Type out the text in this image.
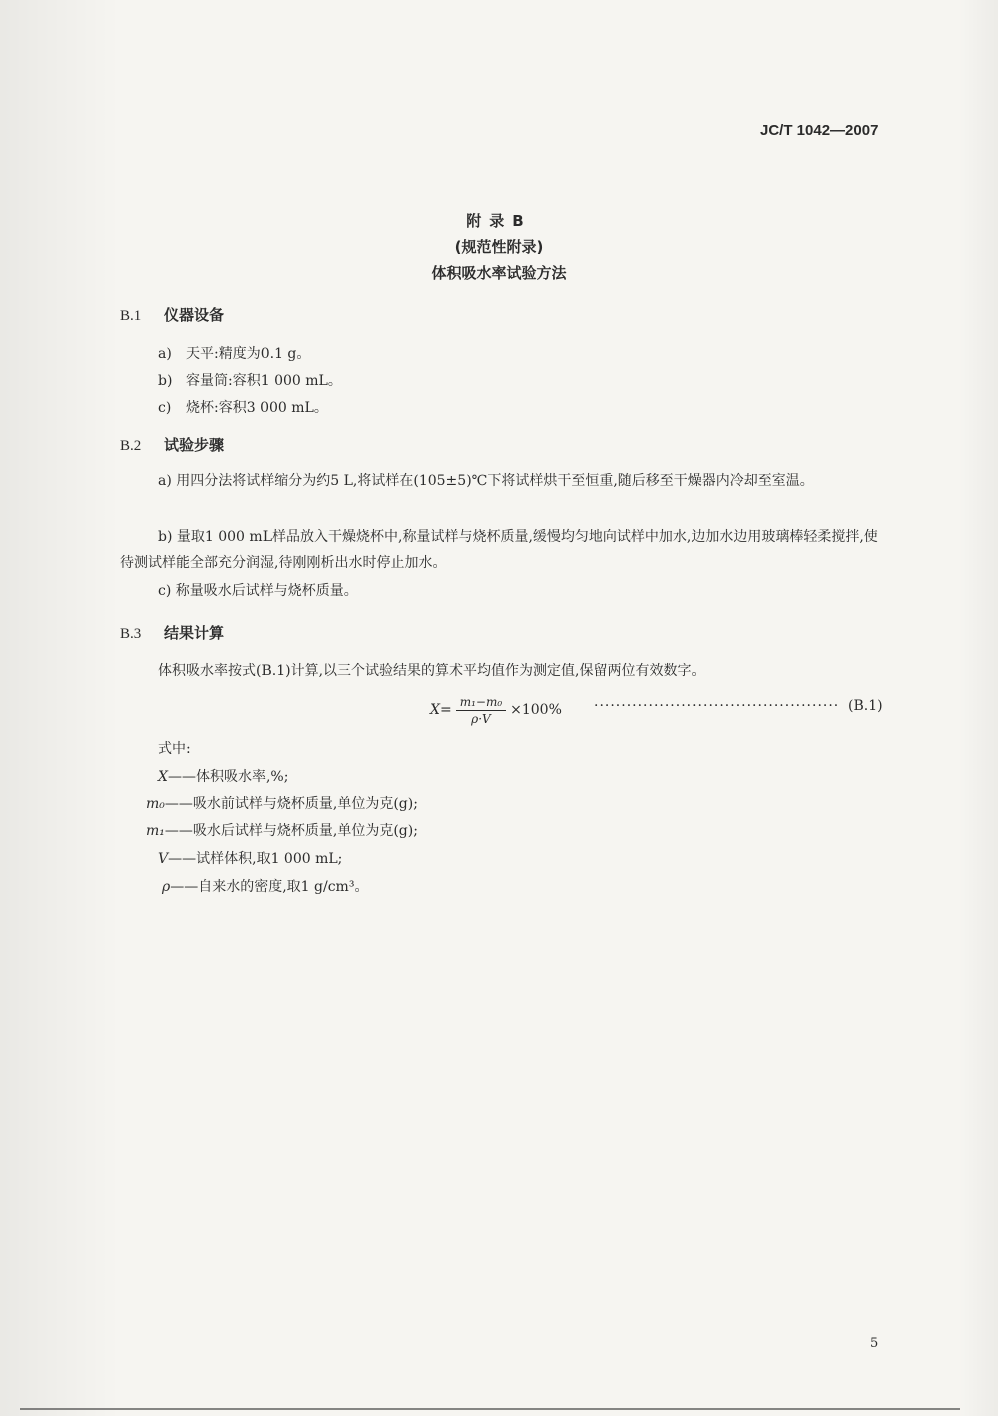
JC/T 1042—2007
附录B
(规范性附录)
体积吸水率试验方法
B.1 仪器设备
a) 天平:精度为0.1 g。
b) 容量筒:容积1 000 mL。
c) 烧杯:容积3 000 mL。
B.2 试验步骤
a) 用四分法将试样缩分为约5 L,将试样在(105±5)℃下将试样烘干至恒重,随后移至干燥器内冷却至室温。
b) 量取1 000 mL样品放入干燥烧杯中,称量试样与烧杯质量,缓慢均匀地向试样中加水,边加水边用玻璃棒轻柔搅拌,使待测试样能全部充分润湿,待刚刚析出水时停止加水。
c) 称量吸水后试样与烧杯质量。
B.3 结果计算
体积吸水率按式(B.1)计算,以三个试验结果的算术平均值作为测定值,保留两位有效数字。
$X= \frac{\text{m₁−m₀}}{\rho\cdot V} \times 100\%$ ············································· (B.1)
式中:
X——体积吸水率,%;
m₀——吸水前试样与烧杯质量,单位为克(g);
m₁——吸水后试样与烧杯质量,单位为克(g);
V——试样体积,取1 000 mL;
ρ——自来水的密度,取1 g/cm³。
5
